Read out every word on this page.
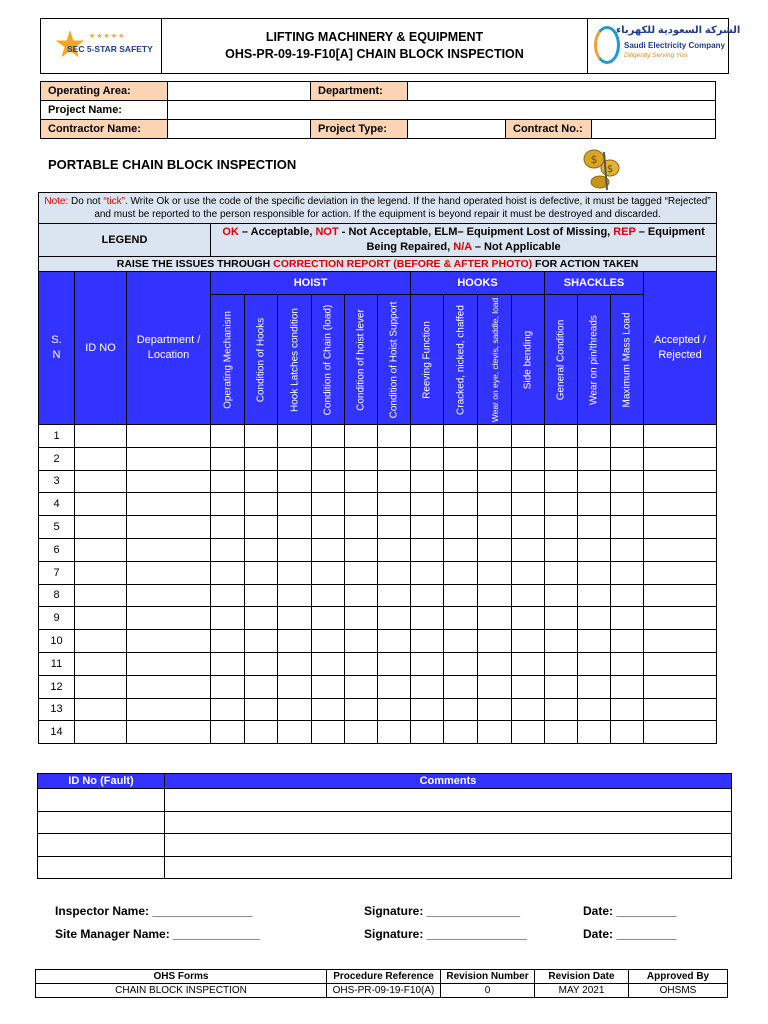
★★★★★
SEC 5-STAR SAFETY

LIFTING MACHINERY & EQUIPMENT
OHS-PR-09-19-F10[A] CHAIN BLOCK INSPECTION

الشركة السعودية للكهرباء
Saudi Electricity Company
Diligently Serving You
Operating Area:		Department:			
Project Name:					
Contractor Name:		Project Type:		Contract No.:	
PORTABLE CHAIN BLOCK INSPECTION	$
$
Note: Do not “tick”. Write Ok or use the code of the specific deviation in the legend. If the hand operated hoist is defective, it must be tagged “Rejected” and must be reported to the person responsible for action. If the equipment is beyond repair it must be destroyed and discarded.																
LEGEND			OK – Acceptable, NOT - Not Acceptable, ELM– Equipment Lost of Missing, REP – Equipment Being Repaired, N/A – Not Applicable													
RAISE THE ISSUES THROUGH CORRECTION REPORT (BEFORE & AFTER PHOTO) FOR ACTION TAKEN																
S. N	ID NO	Department / Location	HOIST						HOOKS				SHACKLES			Accepted / Rejected

			Operating Mechanism	Condition of Hooks	Hook Latches condition	Condition of Chain (load)	Condition of hoist lever	Condition of Hoist Support	Reeving Function	Cracked, nicked, chaffed	Wear on eye, clevis, saddle, load	Side bending	General Condition	Wear on pin/threads	Maximum Mass Load	

1																
2																
3																
4																
5																
6																
7																
8																
9																
10																
11																
12																
13																
14																
ID No (Fault)	Comments

Inspector Name: _______________	Signature: ______________	Date: _________
Site Manager Name: _____________	Signature: _______________	Date: _________
OHS Forms	Procedure Reference	Revision Number	Revision Date	Approved By
CHAIN BLOCK INSPECTION	OHS-PR-09-19-F10(A)	0	MAY 2021	OHSMS
